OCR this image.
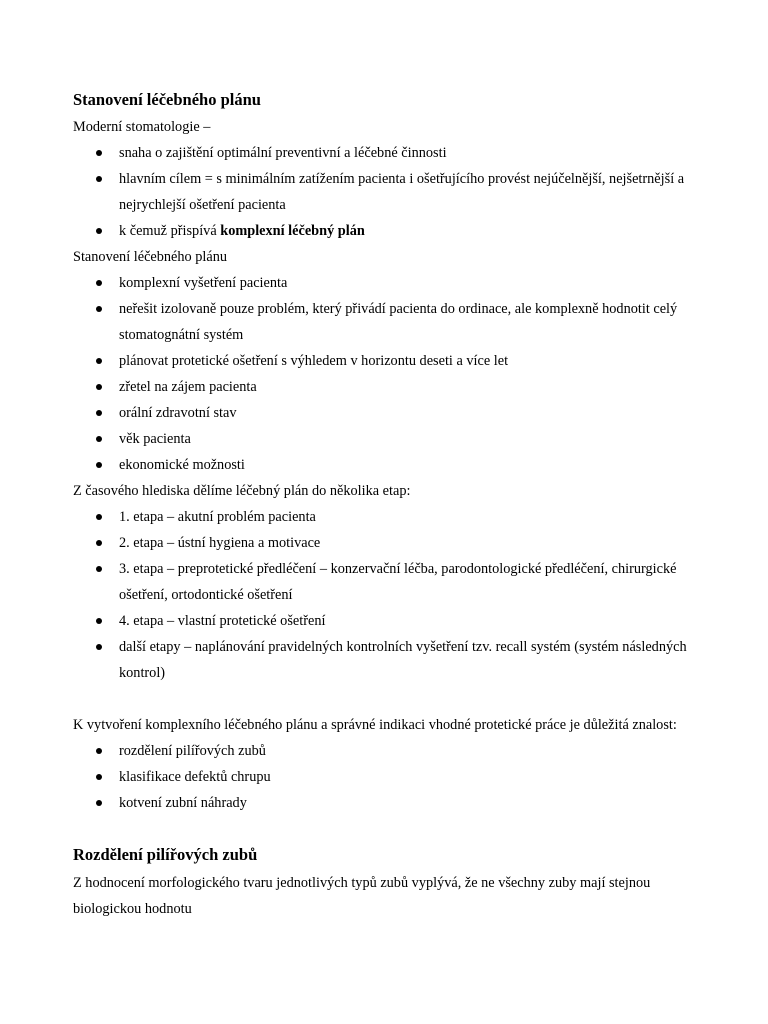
Stanovení léčebného plánu

Moderní stomatologie –

snaha o zajištění optimální preventivní a léčebné činnosti
hlavním cílem = s minimálním zatížením pacienta i ošetřujícího provést nejúčelnější, nejšetrnější a nejrychlejší ošetření pacienta
k čemuž přispívá komplexní léčebný plán

Stanovení léčebného plánu

komplexní vyšetření pacienta
neřešit izolovaně pouze problém, který přivádí pacienta do ordinace, ale komplexně hodnotit celý stomatognátní systém
plánovat protetické ošetření s výhledem v horizontu deseti a více let
zřetel na zájem pacienta
orální zdravotní stav
věk pacienta
ekonomické možnosti

Z časového hlediska dělíme léčebný plán do několika etap:

1. etapa – akutní problém pacienta
2. etapa – ústní hygiena a motivace
3. etapa – preprotetické předléčení – konzervační léčba, parodontologické předléčení, chirurgické ošetření, ortodontické ošetření
4. etapa – vlastní protetické ošetření
další etapy – naplánování pravidelných kontrolních vyšetření tzv. recall systém (systém následných kontrol)

K vytvoření komplexního léčebného plánu a správné indikaci vhodné protetické práce je důležitá znalost:

rozdělení pilířových zubů
klasifikace defektů chrupu
kotvení zubní náhrady
Rozdělení pilířových zubů

Z hodnocení morfologického tvaru jednotlivých typů zubů vyplývá, že ne všechny zuby mají stejnou biologickou hodnotu
